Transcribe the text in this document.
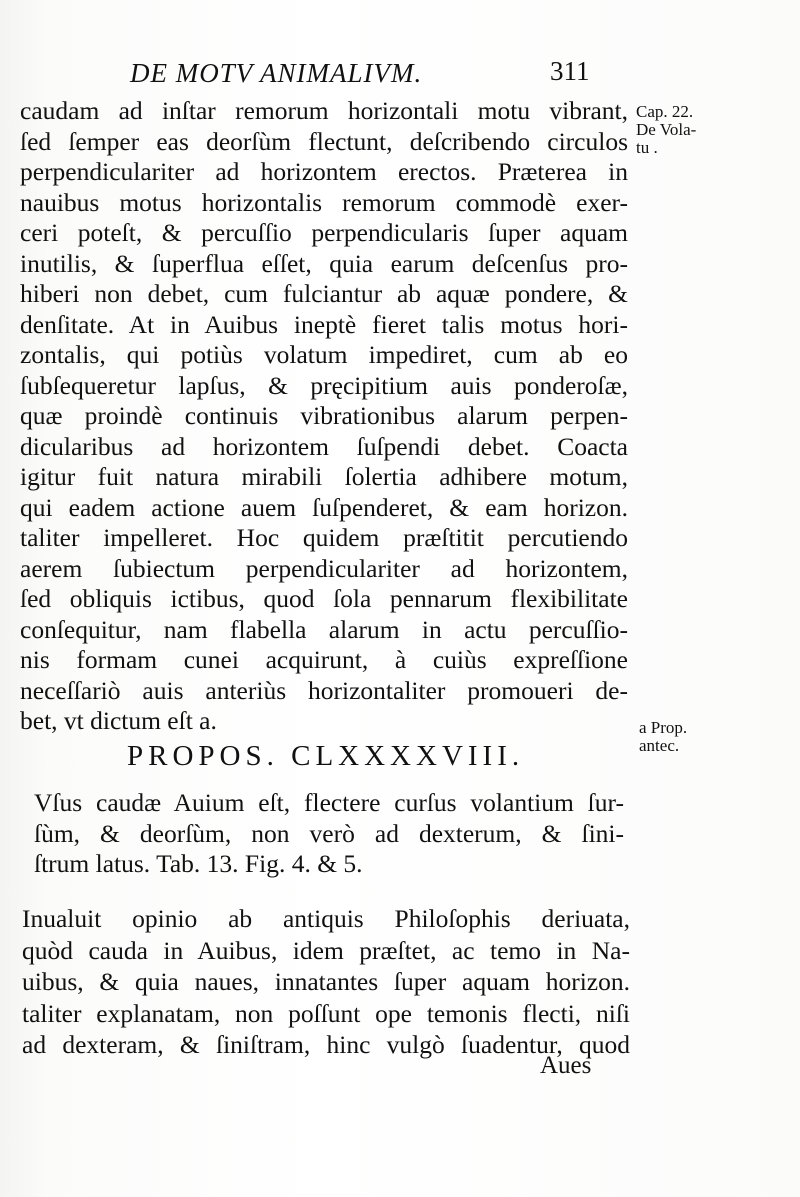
DE MOTV ANIMALIVM.	311
Cap. 22.
De Vola-
tu .
caudam ad inſtar remorum horizontali motu vibrant,
ſed ſemper eas deorſùm flectunt, deſcribendo circulos
perpendiculariter ad horizontem erectos. Præterea in
nauibus motus horizontalis remorum commodè exer-
ceri poteſt, & percuſſio perpendicularis ſuper aquam
inutilis, & ſuperflua eſſet, quia earum deſcenſus pro-
hiberi non debet, cum fulciantur ab aquæ pondere, &
denſitate. At in Auibus ineptè fieret talis motus hori-
zontalis, qui potiùs volatum impediret, cum ab eo
ſubſequeretur lapſus, & pręcipitium auis ponderoſæ,
quæ proindè continuis vibrationibus alarum perpen-
dicularibus ad horizontem ſuſpendi debet. Coacta
igitur fuit natura mirabili ſolertia adhibere motum,
qui eadem actione auem ſuſpenderet, & eam horizon.
taliter impelleret. Hoc quidem præſtitit percutiendo
aerem ſubiectum perpendiculariter ad horizontem,
ſed obliquis ictibus, quod ſola pennarum flexibilitate
conſequitur, nam flabella alarum in actu percuſſio-
nis formam cunei acquirunt, à cuiùs expreſſione
neceſſariò auis anteriùs horizontaliter promoueri de-
bet, vt dictum eſt a.	a Prop.
antec.
PROPOS. CLXXXXVIII.
Vſus caudæ Auium eſt, flectere curſus volantium ſur-
ſùm, & deorſùm, non verò ad dexterum, & ſini-
ſtrum latus. Tab. 13. Fig. 4. & 5.
Inualuit opinio ab antiquis Philoſophis deriuata,
quòd cauda in Auibus, idem præſtet, ac temo in Na-
uibus, & quia naues, innatantes ſuper aquam horizon.
taliter explanatam, non poſſunt ope temonis flecti, niſi
ad dexteram, & ſiniſtram, hinc vulgò ſuadentur, quod
Aues
